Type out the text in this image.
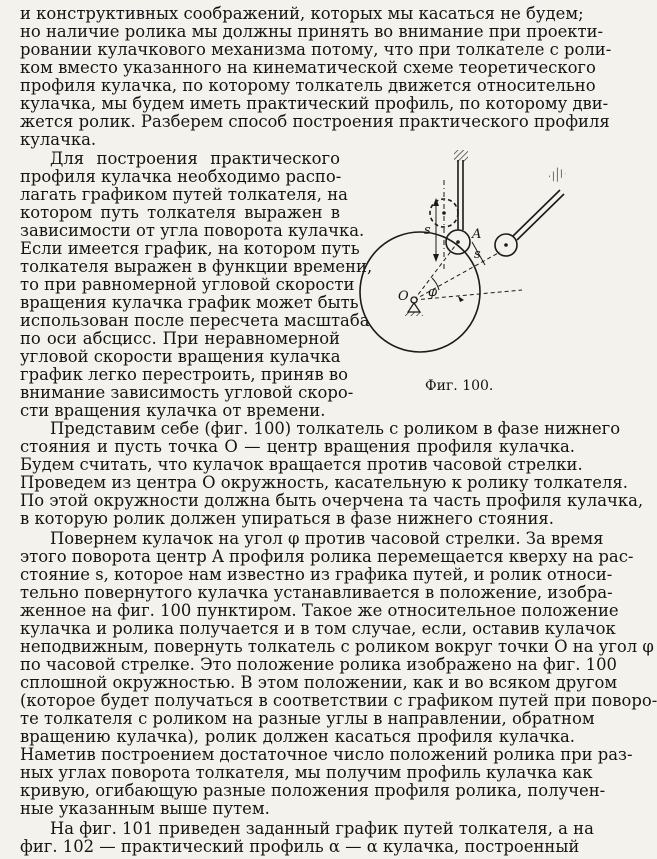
и конструктивных соображений, которых мы касаться не будем;
но наличие ролика мы должны принять во внимание при проекти-
ровании кулачкового механизма потому, что при толкателе с роли-
ком вместо указанного на кинематической схеме теоретического
профиля кулачка, по которому толкатель движется относительно
кулачка, мы будем иметь практический профиль, по которому дви-
жется ролик. Разберем способ построения практического профиля
кулачка.
Для построения практического
профиля кулачка необходимо распо-
лагать графиком путей толкателя, на
котором путь толкателя выражен в
зависимости от угла поворота кулачка.
Если имеется график, на котором путь
толкателя выражен в функции времени,
то при равномерной угловой скорости
вращения кулачка график может быть
использован после пересчета масштаба
по оси абсцисс. При неравномерной
угловой скорости вращения кулачка
график легко перестроить, приняв во
внимание зависимость угловой скоро-
сти вращения кулачка от времени.
Представим себе (фиг. 100) толкатель с роликом в фазе нижнего
стояния и пусть точка O — центр вращения профиля кулачка.
Будем считать, что кулачок вращается против часовой стрелки.
Проведем из центра O окружность, касательную к ролику толкателя.
По этой окружности должна быть очерчена та часть профиля кулачка,
в которую ролик должен упираться в фазе нижнего стояния.
Повернем кулачок на угол φ против часовой стрелки. За время
этого поворота центр A профиля ролика перемещается кверху на рас-
стояние s, которое нам известно из графика путей, и ролик относи-
тельно повернутого кулачка устанавливается в положение, изобра-
женное на фиг. 100 пунктиром. Такое же относительное положение
кулачка и ролика получается и в том случае, если, оставив кулачок
неподвижным, повернуть толкатель с роликом вокруг точки O на угол φ
по часовой стрелке. Это положение ролика изображено на фиг. 100
сплошной окружностью. В этом положении, как и во всяком другом
(которое будет получаться в соответствии с графиком путей при поворо-
те толкателя с роликом на разные углы в направлении, обратном
вращению кулачка), ролик должен касаться профиля кулачка.
Наметив построением достаточное число положений ролика при раз-
ных углах поворота толкателя, мы получим профиль кулачка как
кривую, огибающую разные положения профиля ролика, получен-
ные указанным выше путем.
На фиг. 101 приведен заданный график путей толкателя, а на
фиг. 102 — практический профиль α — α кулачка, построенный
s	A
s
O φ
Фиг. 100.
